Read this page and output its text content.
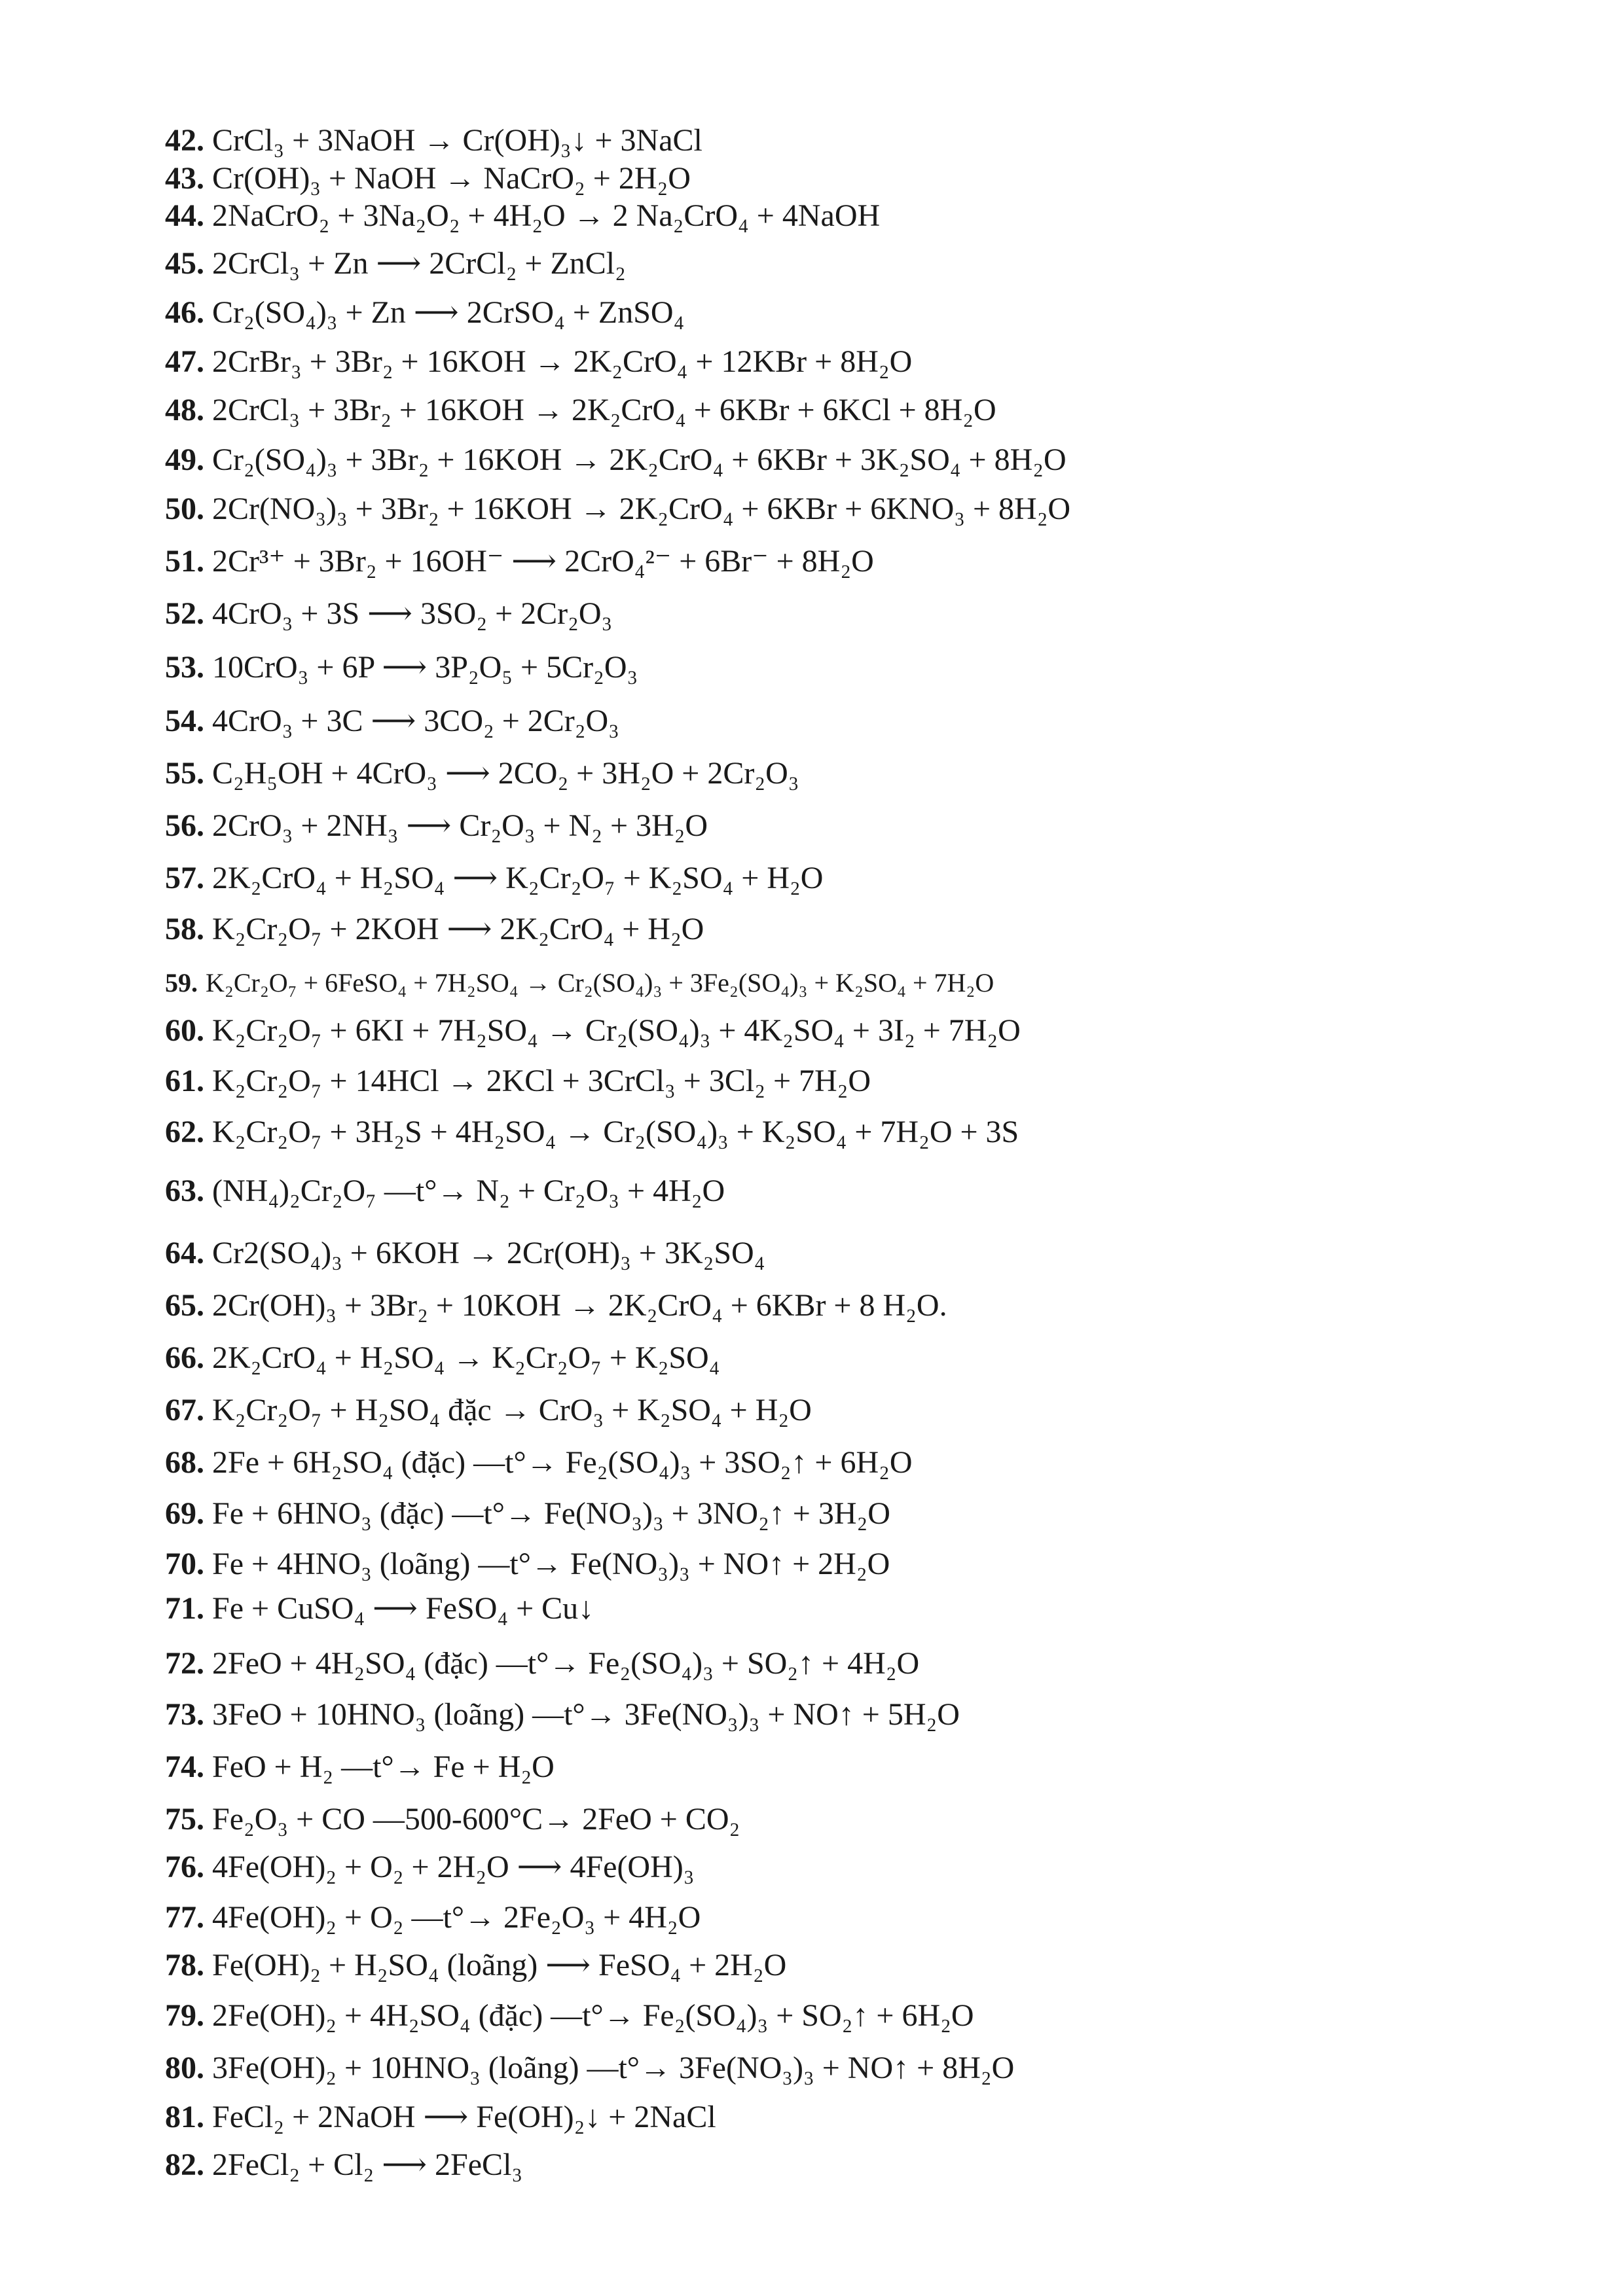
42. CrCl₃ + 3NaOH → Cr(OH)₃↓ + 3NaCl
43. Cr(OH)₃ + NaOH → NaCrO₂ + 2H₂O
44. 2NaCrO₂ + 3Na₂O₂ + 4H₂O → 2 Na₂CrO₄ + 4NaOH
45. 2CrCl₃ + Zn ⟶ 2CrCl₂ + ZnCl₂
46. Cr₂(SO₄)₃ + Zn ⟶ 2CrSO₄ + ZnSO₄
47. 2CrBr₃ + 3Br₂ + 16KOH → 2K₂CrO₄ + 12KBr + 8H₂O
48. 2CrCl₃ + 3Br₂ + 16KOH → 2K₂CrO₄ + 6KBr + 6KCl + 8H₂O
49. Cr₂(SO₄)₃ + 3Br₂ + 16KOH → 2K₂CrO₄ + 6KBr + 3K₂SO₄ + 8H₂O
50. 2Cr(NO₃)₃ + 3Br₂ + 16KOH → 2K₂CrO₄ + 6KBr + 6KNO₃ + 8H₂O
51. 2Cr³⁺ + 3Br₂ + 16OH⁻ ⟶ 2CrO₄²⁻ + 6Br⁻ + 8H₂O
52. 4CrO₃ + 3S ⟶ 3SO₂ + 2Cr₂O₃
53. 10CrO₃ + 6P ⟶ 3P₂O₅ + 5Cr₂O₃
54. 4CrO₃ + 3C ⟶ 3CO₂ + 2Cr₂O₃
55. C₂H₅OH + 4CrO₃ ⟶ 2CO₂ + 3H₂O + 2Cr₂O₃
56. 2CrO₃ + 2NH₃ ⟶ Cr₂O₃ + N₂ + 3H₂O
57. 2K₂CrO₄ + H₂SO₄ ⟶ K₂Cr₂O₇ + K₂SO₄ + H₂O
58. K₂Cr₂O₇ + 2KOH ⟶ 2K₂CrO₄ + H₂O
59. K₂Cr₂O₇ + 6FeSO₄ + 7H₂SO₄ → Cr₂(SO₄)₃ + 3Fe₂(SO₄)₃ + K₂SO₄ + 7H₂O
60. K₂Cr₂O₇ + 6KI + 7H₂SO₄ → Cr₂(SO₄)₃ + 4K₂SO₄ + 3I₂ + 7H₂O
61. K₂Cr₂O₇ + 14HCl → 2KCl + 3CrCl₃ + 3Cl₂ + 7H₂O
62. K₂Cr₂O₇ + 3H₂S + 4H₂SO₄ → Cr₂(SO₄)₃ + K₂SO₄ + 7H₂O + 3S
63. (NH₄)₂Cr₂O₇ —t°→ N₂ + Cr₂O₃ + 4H₂O
64. Cr2(SO₄)₃ + 6KOH → 2Cr(OH)₃ + 3K₂SO₄
65. 2Cr(OH)₃ + 3Br₂ + 10KOH → 2K₂CrO₄ + 6KBr + 8 H₂O.
66. 2K₂CrO₄ + H₂SO₄ → K₂Cr₂O₇ + K₂SO₄
67. K₂Cr₂O₇ + H₂SO₄ đặc → CrO₃ + K₂SO₄ + H₂O
68. 2Fe + 6H₂SO₄ (đặc) —t°→ Fe₂(SO₄)₃ + 3SO₂↑ + 6H₂O
69. Fe + 6HNO₃ (đặc) —t°→ Fe(NO₃)₃ + 3NO₂↑ + 3H₂O
70. Fe + 4HNO₃ (loãng) —t°→ Fe(NO₃)₃ + NO↑ + 2H₂O
71. Fe + CuSO₄ ⟶ FeSO₄ + Cu↓
72. 2FeO + 4H₂SO₄ (đặc) —t°→ Fe₂(SO₄)₃ + SO₂↑ + 4H₂O
73. 3FeO + 10HNO₃ (loãng) —t°→ 3Fe(NO₃)₃ + NO↑ + 5H₂O
74. FeO + H₂ —t°→ Fe + H₂O
75. Fe₂O₃ + CO —500-600°C→ 2FeO + CO₂
76. 4Fe(OH)₂ + O₂ + 2H₂O ⟶ 4Fe(OH)₃
77. 4Fe(OH)₂ + O₂ —t°→ 2Fe₂O₃ + 4H₂O
78. Fe(OH)₂ + H₂SO₄ (loãng) ⟶ FeSO₄ + 2H₂O
79. 2Fe(OH)₂ + 4H₂SO₄ (đặc) —t°→ Fe₂(SO₄)₃ + SO₂↑ + 6H₂O
80. 3Fe(OH)₂ + 10HNO₃ (loãng) —t°→ 3Fe(NO₃)₃ + NO↑ + 8H₂O
81. FeCl₂ + 2NaOH ⟶ Fe(OH)₂↓ + 2NaCl
82. 2FeCl₂ + Cl₂ ⟶ 2FeCl₃
